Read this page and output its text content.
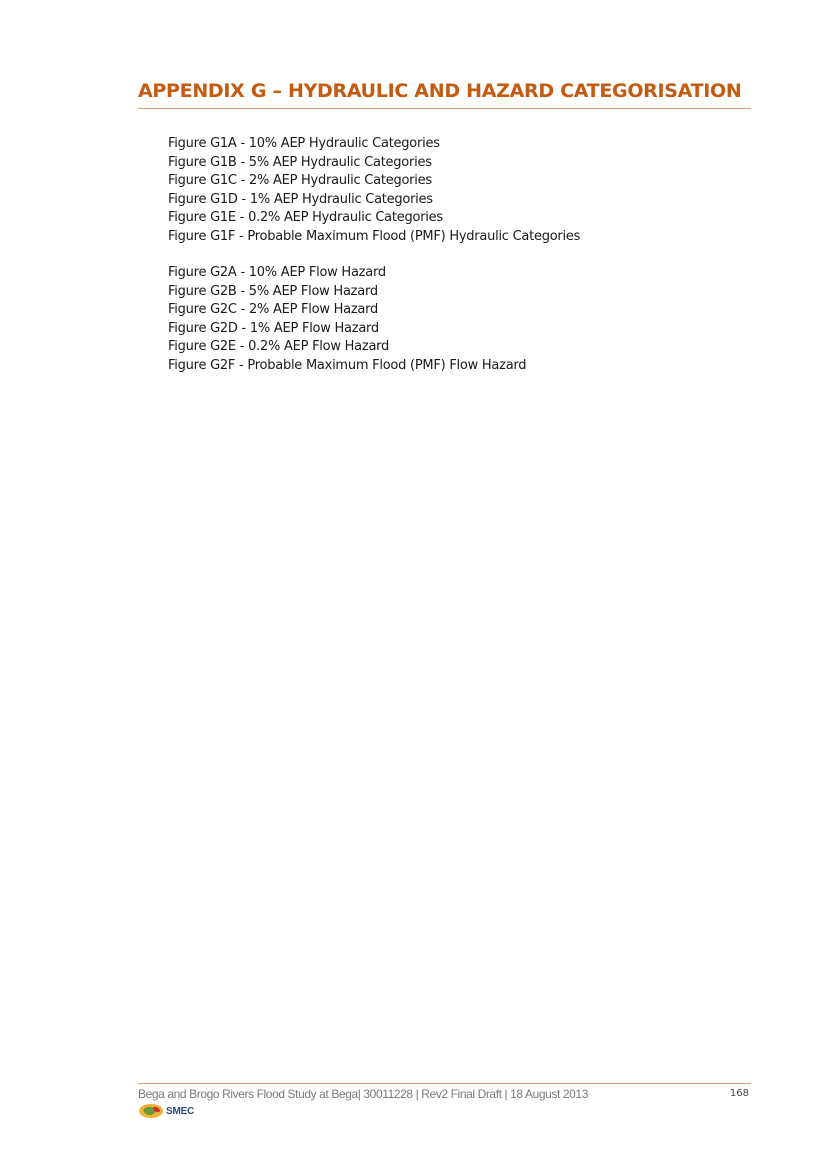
APPENDIX G – HYDRAULIC AND HAZARD CATEGORISATION
Figure G1A - 10% AEP Hydraulic Categories
Figure G1B - 5% AEP Hydraulic Categories
Figure G1C - 2% AEP Hydraulic Categories
Figure G1D - 1% AEP Hydraulic Categories
Figure G1E - 0.2% AEP Hydraulic Categories
Figure G1F - Probable Maximum Flood (PMF) Hydraulic Categories
Figure G2A - 10% AEP Flow Hazard
Figure G2B - 5% AEP Flow Hazard
Figure G2C - 2% AEP Flow Hazard
Figure G2D - 1% AEP Flow Hazard
Figure G2E - 0.2% AEP Flow Hazard
Figure G2F - Probable Maximum Flood (PMF) Flow Hazard
Bega and Brogo Rivers Flood Study at Bega| 30011228 | Rev2 Final Draft | 18 August 2013	168
SMEC
